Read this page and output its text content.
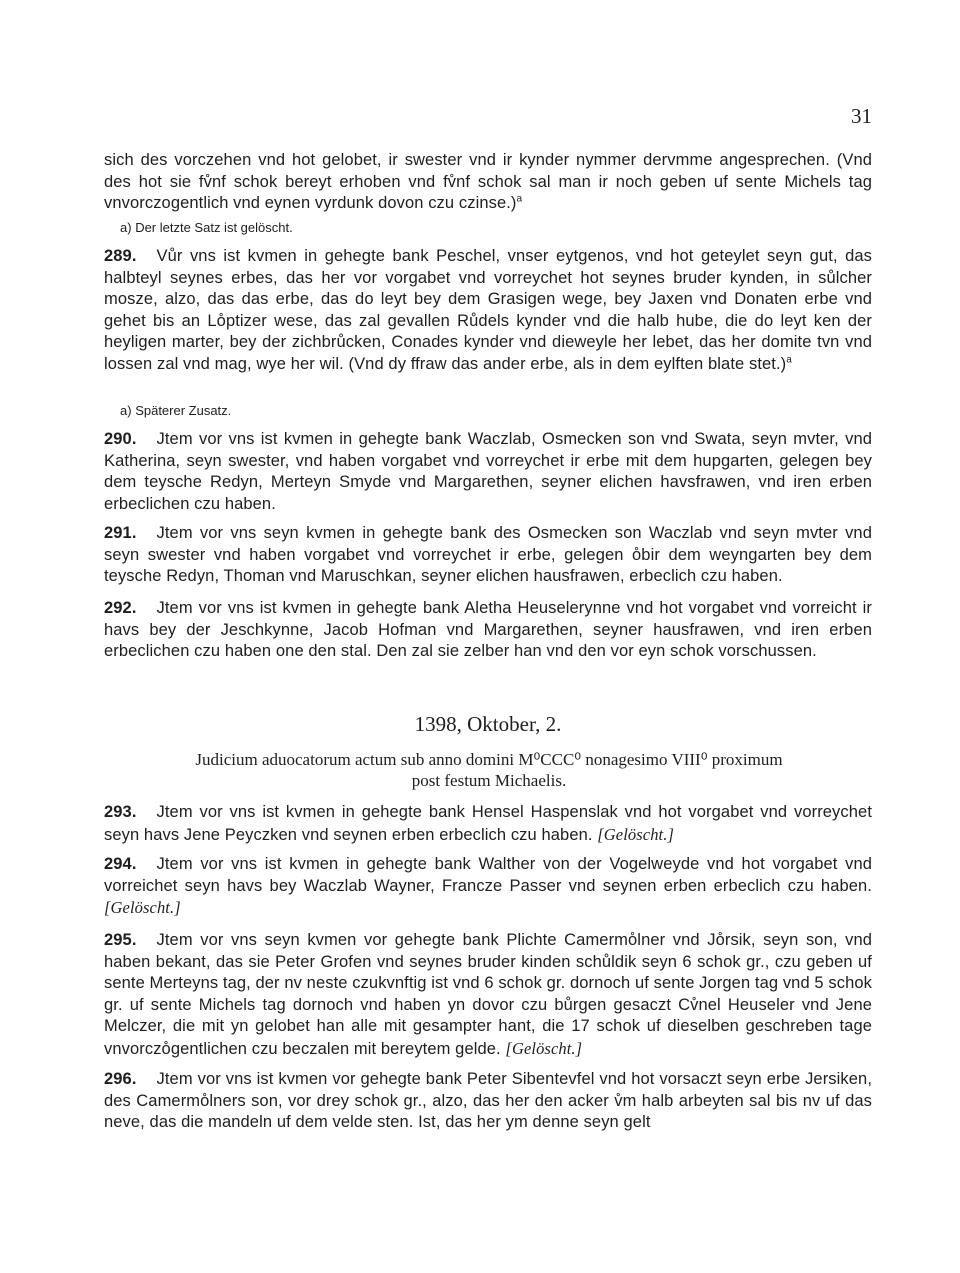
31

sich des vorczehen vnd hot gelobet, ir swester vnd ir kynder nymmer dervmme angesprechen. (Vnd des hot sie fv̊nf schok bereyt erhoben vnd fv̊nf schok sal man ir noch geben uf sente Michels tag vnvorczogentlich vnd eynen vyrdunk dovon czu czinse.)$^a$

a) Der letzte Satz ist gelöscht.

289. Vůr vns ist kvmen in gehegte bank Peschel, vnser eytgenos, vnd hot geteylet seyn gut, das halbteyl seynes erbes, das her vor vorgabet vnd vorreychet hot seynes bruder kynden, in sůlcher mosze, alzo, das das erbe, das do leyt bey dem Grasigen wege, bey Jaxen vnd Donaten erbe vnd gehet bis an Lo̊ptizer wese, das zal gevallen Růdels kynder vnd die halb hube, die do leyt ken der heyligen marter, bey der zichbrůcken, Conades kynder vnd dieweyle her lebet, das her domite tvn vnd lossen zal vnd mag, wye her wil. (Vnd dy ffraw das ander erbe, als in dem eylften blate stet.)$^a$

a) Späterer Zusatz.

290. Jtem vor vns ist kvmen in gehegte bank Waczlab, Osmecken son vnd Swata, seyn mvter, vnd Katherina, seyn swester, vnd haben vorgabet vnd vorreychet ir erbe mit dem hupgarten, gelegen bey dem teysche Redyn, Merteyn Smyde vnd Margarethen, seyner elichen havsfrawen, vnd iren erben erbeclichen czu haben.

291. Jtem vor vns seyn kvmen in gehegte bank des Osmecken son Waczlab vnd seyn mvter vnd seyn swester vnd haben vorgabet vnd vorreychet ir erbe, gelegen o̊bir dem weyngarten bey dem teysche Redyn, Thoman vnd Maruschkan, seyner elichen hausfrawen, erbeclich czu haben.

292. Jtem vor vns ist kvmen in gehegte bank Aletha Heuselerynne vnd hot vorgabet vnd vorreicht ir havs bey der Jeschkynne, Jacob Hofman vnd Margarethen, seyner hausfrawen, vnd iren erben erbeclichen czu haben one den stal. Den zal sie zelber han vnd den vor eyn schok vorschussen.

1398, Oktober, 2.
Judicium aduocatorum actum sub anno domini M⁰CCC⁰ nonagesimo VIII⁰ proximum
post festum Michaelis.

293. Jtem vor vns ist kvmen in gehegte bank Hensel Haspenslak vnd hot vorgabet vnd vorreychet seyn havs Jene Peyczken vnd seynen erben erbeclich czu haben. [Gelöscht.]

294. Jtem vor vns ist kvmen in gehegte bank Walther von der Vogelweyde vnd hot vorgabet vnd vorreichet seyn havs bey Waczlab Wayner, Francze Passer vnd seynen erben erbeclich czu haben. [Gelöscht.]

295. Jtem vor vns seyn kvmen vor gehegte bank Plichte Camermo̊lner vnd Jo̊rsik, seyn son, vnd haben bekant, das sie Peter Grofen vnd seynes bruder kinden schůldik seyn 6 schok gr., czu geben uf sente Merteyns tag, der nv neste czukvnftig ist vnd 6 schok gr. dornoch uf sente Jorgen tag vnd 5 schok gr. uf sente Michels tag dornoch vnd haben yn dovor czu bůrgen gesaczt Cv̊nel Heuseler vnd Jene Melczer, die mit yn gelobet han alle mit gesampter hant, die 17 schok uf dieselben geschreben tage vnvorczo̊gentlichen czu beczalen mit bereytem gelde. [Gelöscht.]

296. Jtem vor vns ist kvmen vor gehegte bank Peter Sibentevfel vnd hot vorsaczt seyn erbe Jersiken, des Camermo̊lners son, vor drey schok gr., alzo, das her den acker v̊m halb arbeyten sal bis nv uf das neve, das die mandeln uf dem velde sten. Ist, das her ym denne seyn gelt
